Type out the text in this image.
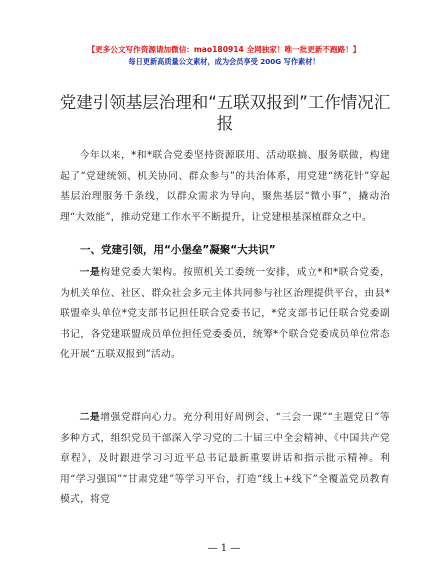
【更多公文写作资源请加微信：mao180914 全网独家！唯一批更新不跑路！】
每日更新高质量公文素材，成为会员享受 200G 写作素材！
党建引领基层治理和“五联双报到”工作情况汇报
今年以来，*和*联合党委坚持资源联用、活动联搞、服务联做，构建起了“党建统领、机关协同、群众参与”的共治体系，用党建“绣花针”穿起基层治理服务千条线，以群众需求为导向，聚焦基层“微小事”，撬动治理“大效能”，推动党建工作水平不断提升，让党建根基深植群众之中。
一、党建引领，用“小堡垒”凝聚“大共识”
一是构建党委大架构。按照机关工委统一安排，成立*和*联合党委，为机关单位、社区、群众社会多元主体共同参与社区治理提供平台，由县*联盟牵头单位*党支部书记担任联合党委书记，*党支部书记任联合党委副书记，各党建联盟成员单位担任党委委员，统筹*个联合党委成员单位常态化开展“五联双报到”活动。
二是增强党群向心力。充分利用好周例会、“三会一课”“主题党日”等多种方式，组织党员干部深入学习党的二十届三中全会精神、《中国共产党章程》，及时跟进学习习近平总书记最新重要讲话和指示批示精神。利用“学习强国”“甘肃党建”等学习平台，打造“线上+线下”全覆盖党员教育模式，将党
— 1 —
